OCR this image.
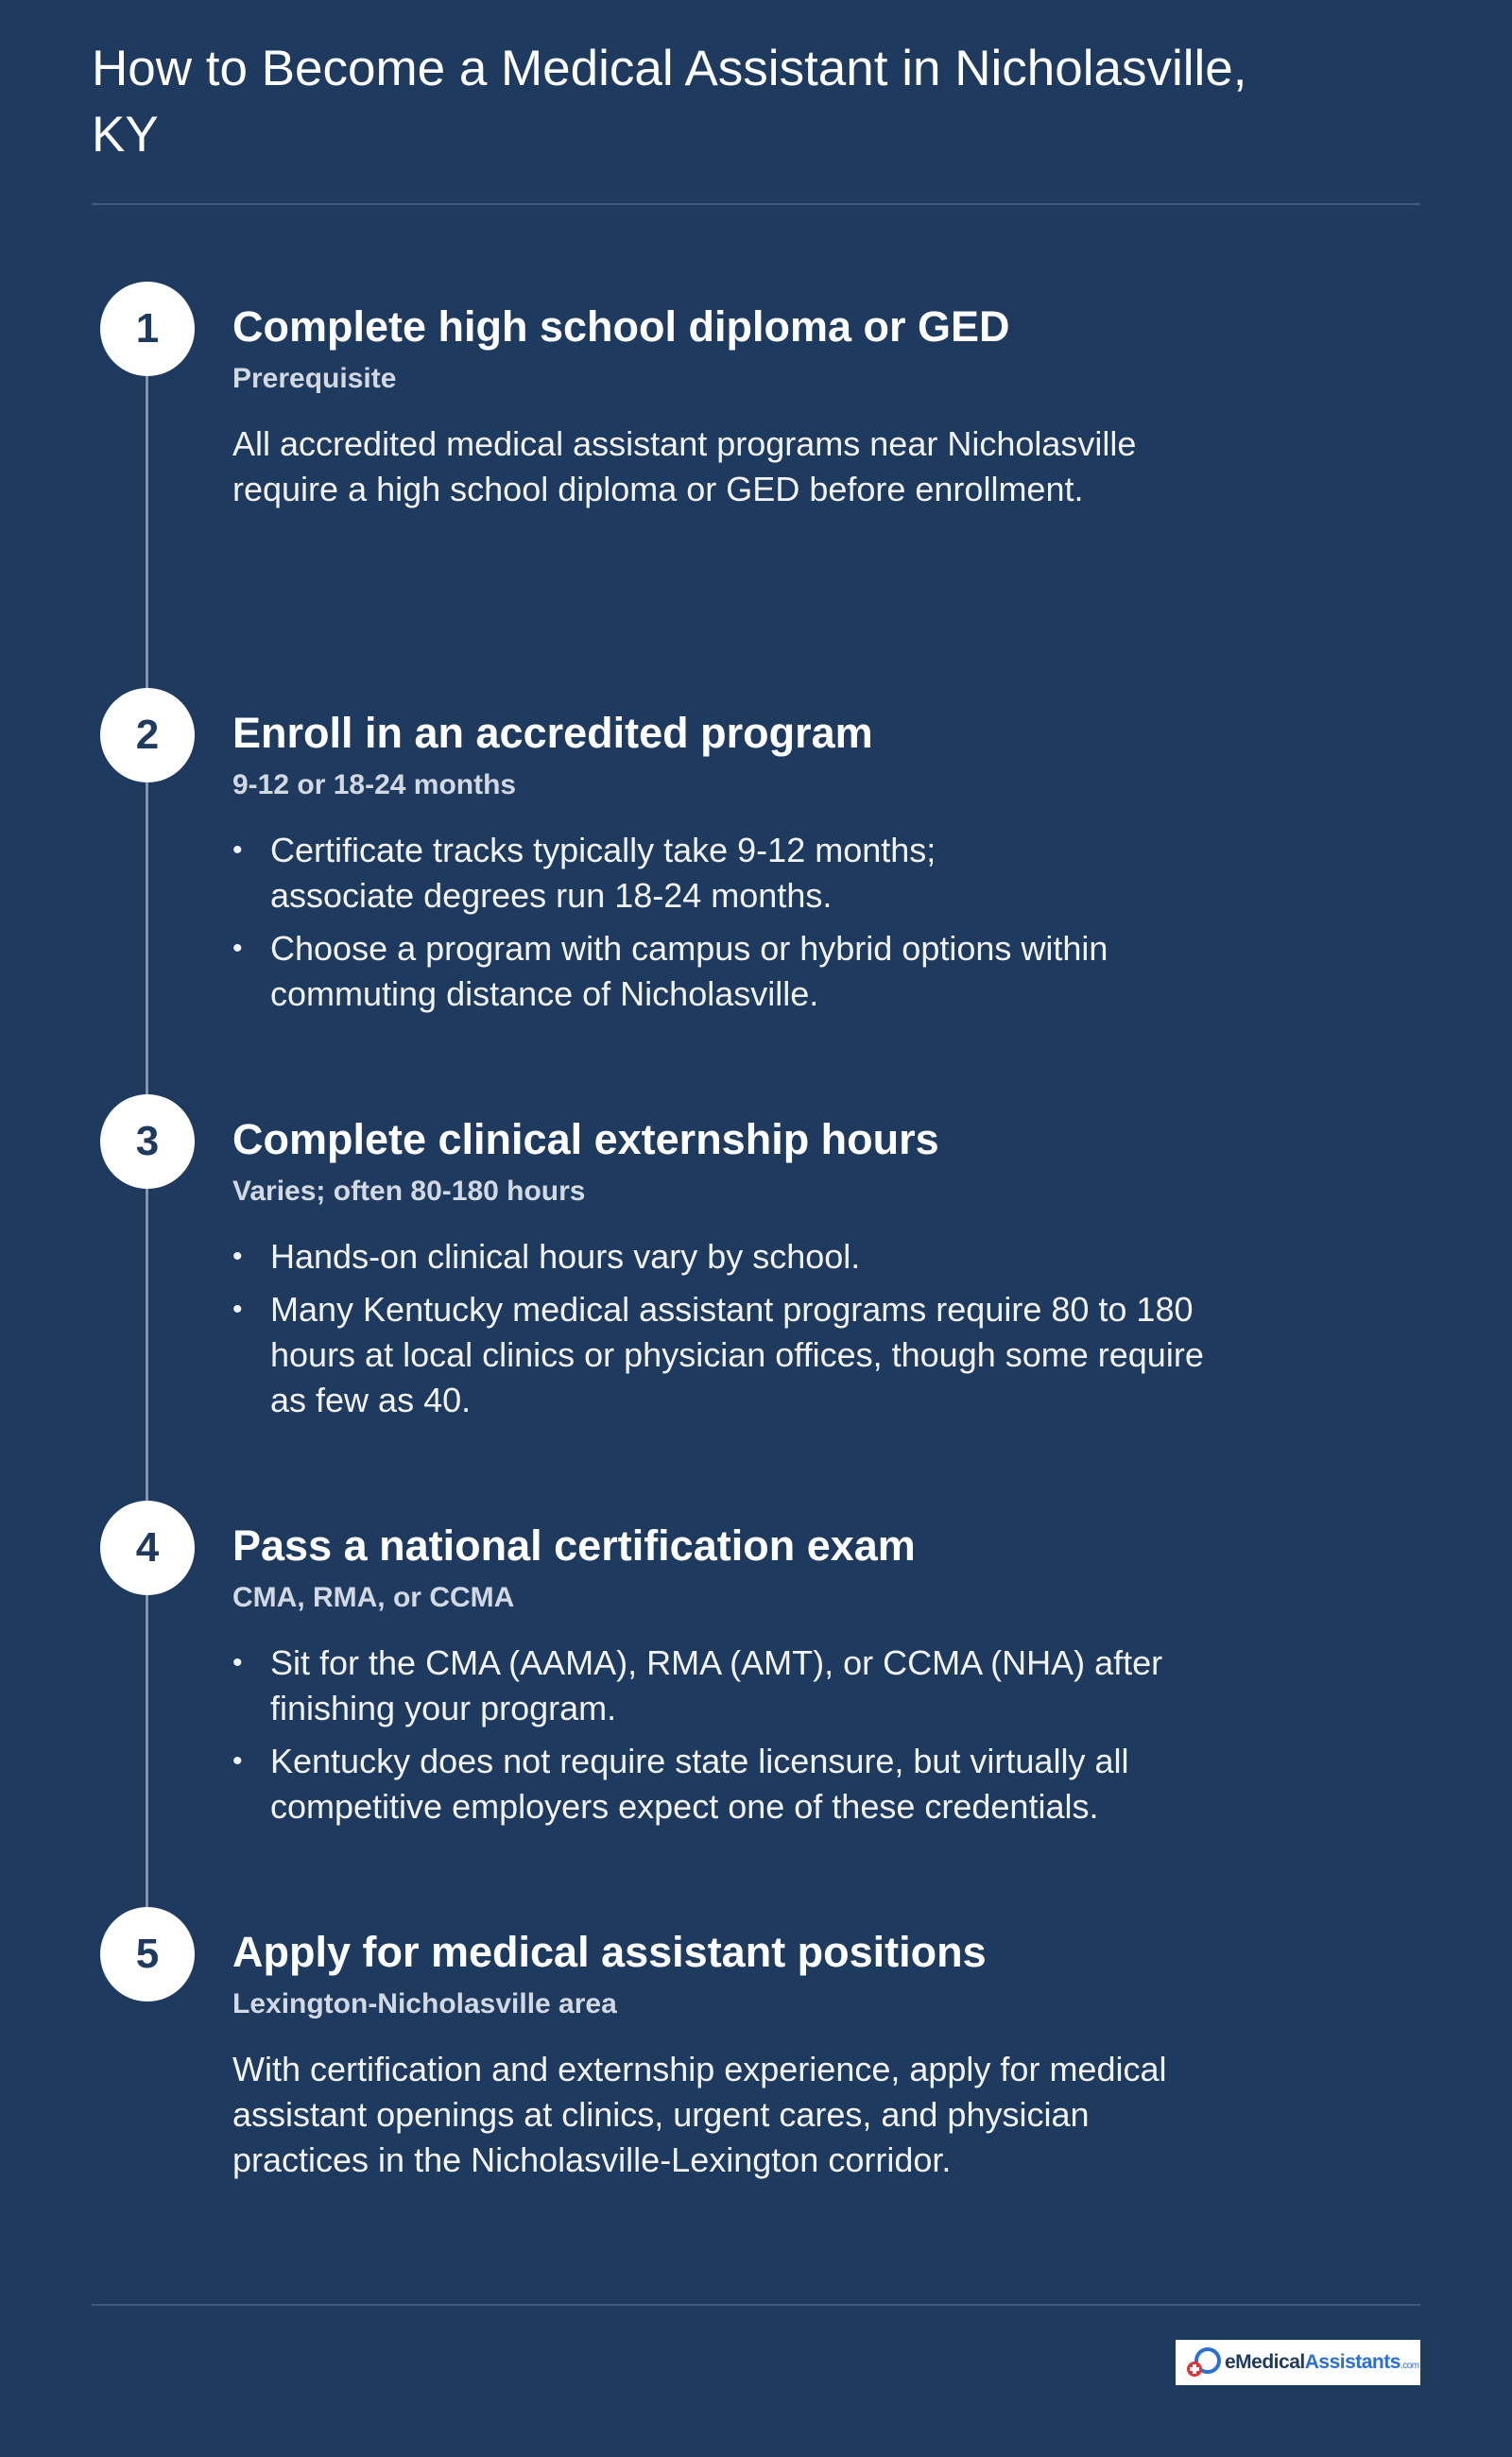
How to Become a Medical Assistant in Nicholasville, KY
1	Complete high school diploma or GED
Prerequisite

All accredited medical assistant programs near Nicholasville require a high school diploma or GED before enrollment.

2	Enroll in an accredited program
9-12 or 18-24 months
• Certificate tracks typically take 9-12 months; associate degrees run 18-24 months.
• Choose a program with campus or hybrid options within commuting distance of Nicholasville.
3	Complete clinical externship hours
Varies; often 80-180 hours
• Hands-on clinical hours vary by school.
• Many Kentucky medical assistant programs require 80 to 180 hours at local clinics or physician offices, though some require as few as 40.
4	Pass a national certification exam
CMA, RMA, or CCMA
• Sit for the CMA (AAMA), RMA (AMT), or CCMA (NHA) after finishing your program.
• Kentucky does not require state licensure, but virtually all competitive employers expect one of these credentials.
5	Apply for medical assistant positions
Lexington-Nicholasville area

With certification and externship experience, apply for medical assistant openings at clinics, urgent cares, and physician practices in the Nicholasville-Lexington corridor.

eMedicalAssistants.com
